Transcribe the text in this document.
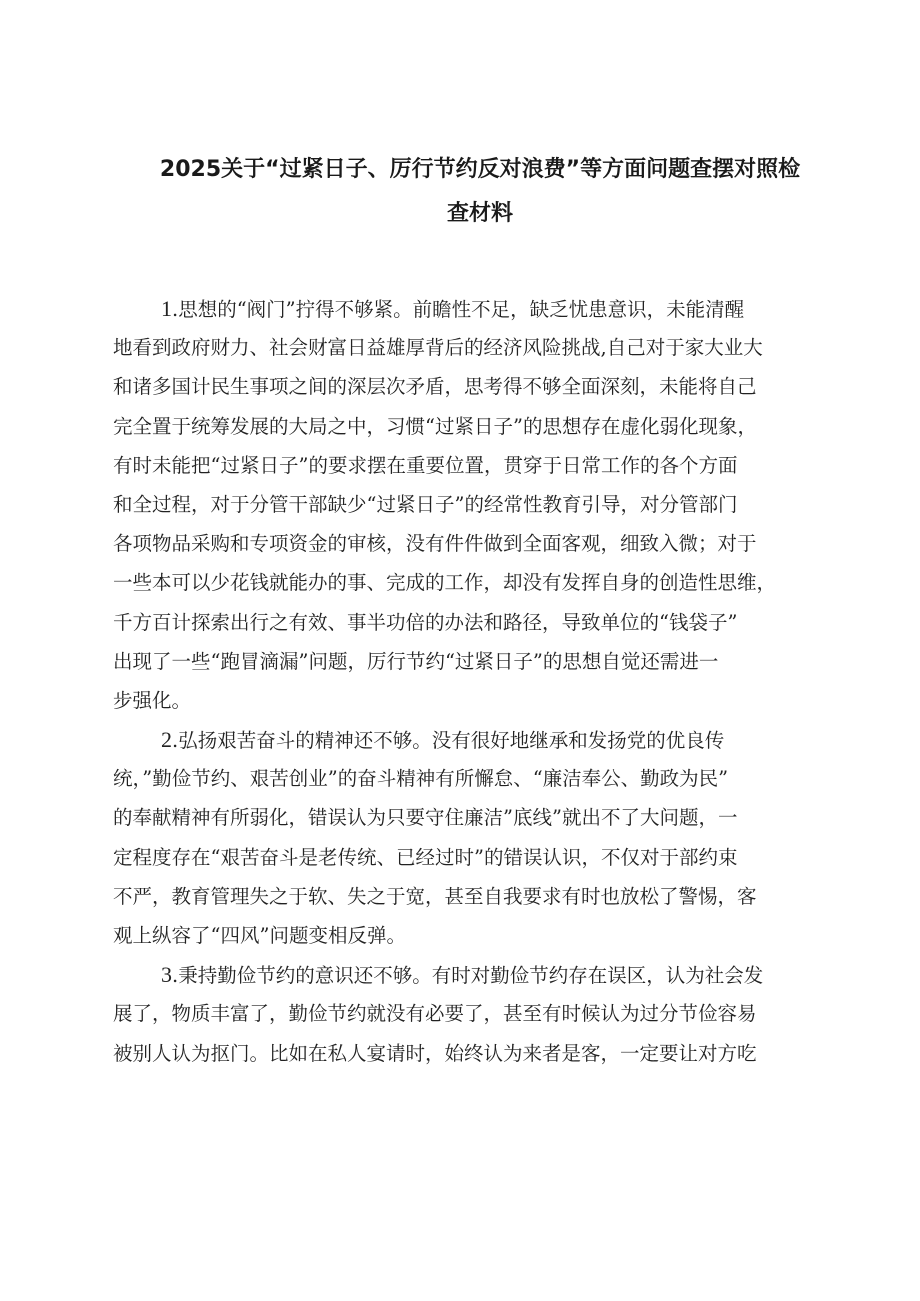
2025关于“过紧日子、厉行节约反对浪费”等方面问题查摆对照检
查材料
1.思想的“阀门”拧得不够紧。前瞻性不足，缺乏忧患意识，未能清醒
地看到政府财力、社会财富日益雄厚背后的经济风险挑战,自己对于家大业大
和诸多国计民生事项之间的深层次矛盾，思考得不够全面深刻，未能将自己
完全置于统筹发展的大局之中，习惯“过紧日子”的思想存在虚化弱化现象，
有时未能把“过紧日子”的要求摆在重要位置，贯穿于日常工作的各个方面
和全过程，对于分管干部缺少“过紧日子”的经常性教育引导，对分管部门
各项物品采购和专项资金的审核，没有件件做到全面客观，细致入微；对于
一些本可以少花钱就能办的事、完成的工作，却没有发挥自身的创造性思维，
千方百计探索出行之有效、事半功倍的办法和路径，导致单位的“钱袋子”
出现了一些“跑冒滴漏”问题，厉行节约“过紧日子”的思想自觉还需进一
步强化。
2.弘扬艰苦奋斗的精神还不够。没有很好地继承和发扬党的优良传
统，”勤俭节约、艰苦创业”的奋斗精神有所懈怠、“廉洁奉公、勤政为民”
的奉献精神有所弱化，错误认为只要守住廉洁”底线”就出不了大问题，一
定程度存在“艰苦奋斗是老传统、已经过时”的错误认识，不仅对于部约束
不严，教育管理失之于软、失之于宽，甚至自我要求有时也放松了警惕，客
观上纵容了“四风”问题变相反弹。
3.秉持勤俭节约的意识还不够。有时对勤俭节约存在误区，认为社会发
展了，物质丰富了，勤俭节约就没有必要了，甚至有时候认为过分节俭容易
被别人认为抠门。比如在私人宴请时，始终认为来者是客，一定要让对方吃
